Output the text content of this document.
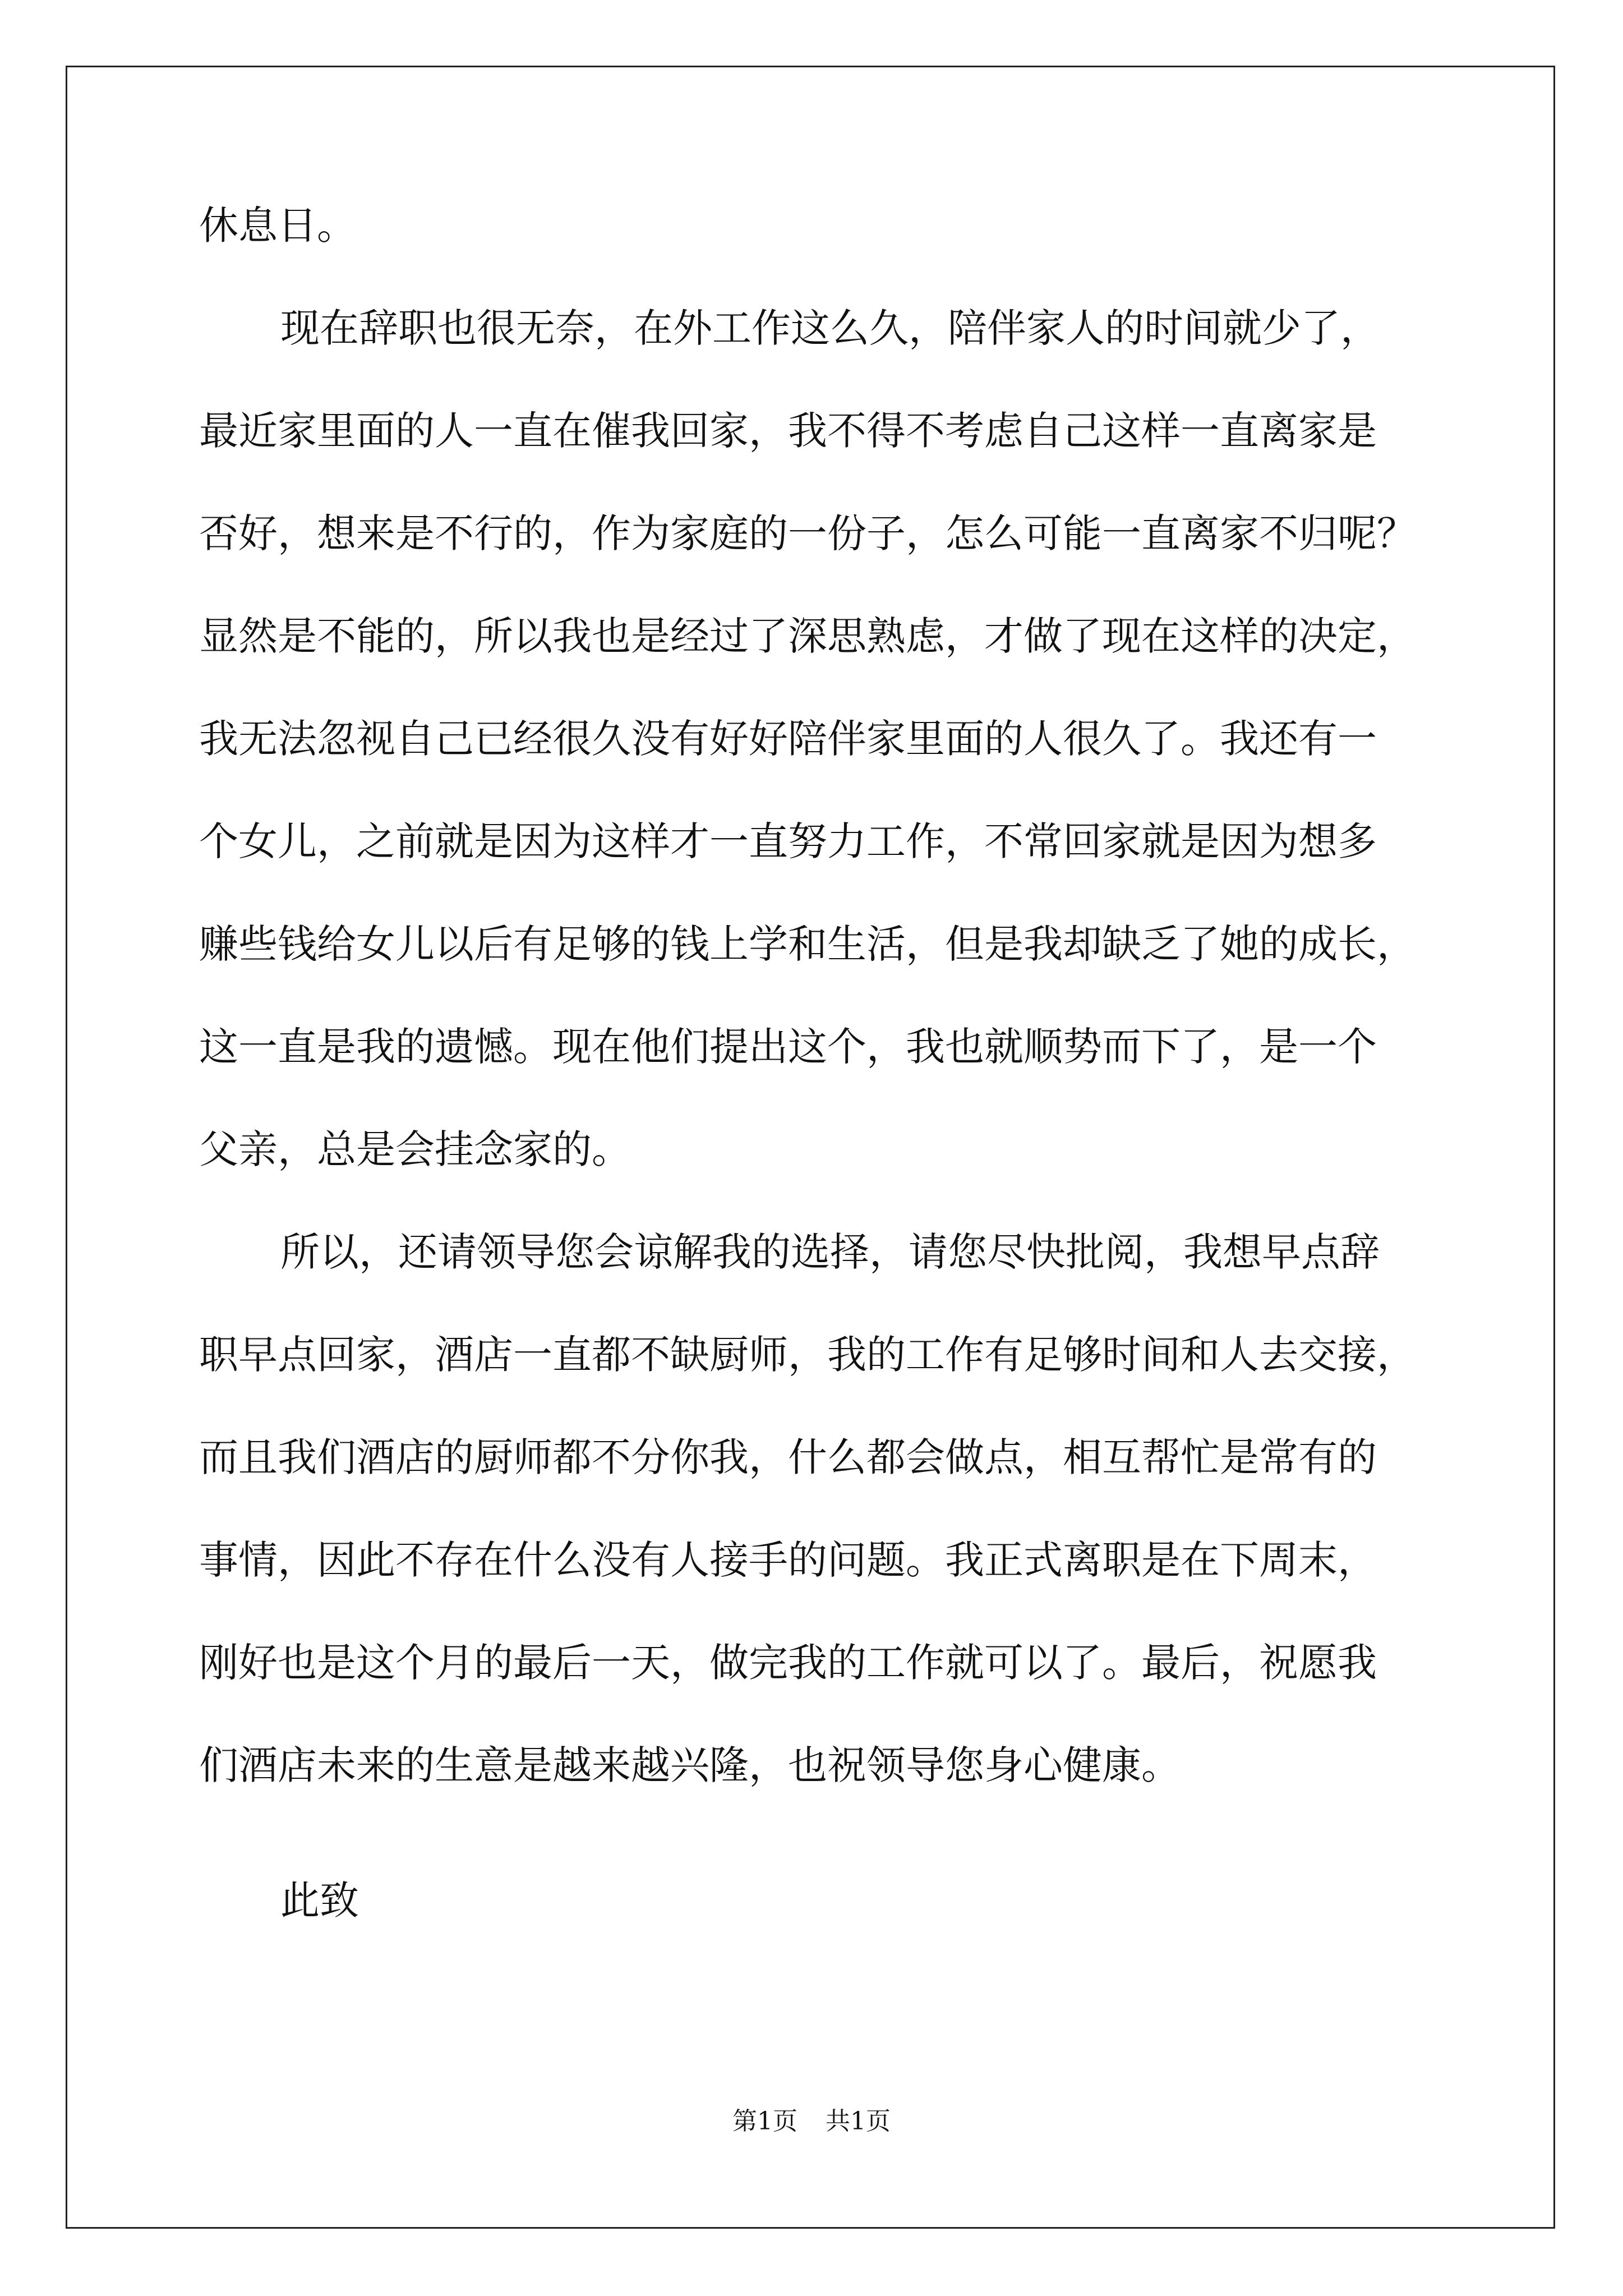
休息日。
现在辞职也很无奈，在外工作这么久，陪伴家人的时间就少了，
最近家里面的人一直在催我回家，我不得不考虑自己这样一直离家是
否好，想来是不行的，作为家庭的一份子，怎么可能一直离家不归呢？
显然是不能的，所以我也是经过了深思熟虑，才做了现在这样的决定，
我无法忽视自己已经很久没有好好陪伴家里面的人很久了。我还有一
个女儿，之前就是因为这样才一直努力工作，不常回家就是因为想多
赚些钱给女儿以后有足够的钱上学和生活，但是我却缺乏了她的成长，
这一直是我的遗憾。现在他们提出这个，我也就顺势而下了，是一个
父亲，总是会挂念家的。
所以，还请领导您会谅解我的选择，请您尽快批阅，我想早点辞
职早点回家，酒店一直都不缺厨师，我的工作有足够时间和人去交接，
而且我们酒店的厨师都不分你我，什么都会做点，相互帮忙是常有的
事情，因此不存在什么没有人接手的问题。我正式离职是在下周末，
刚好也是这个月的最后一天，做完我的工作就可以了。最后，祝愿我
们酒店未来的生意是越来越兴隆，也祝领导您身心健康。
此致
第1页 共1页
